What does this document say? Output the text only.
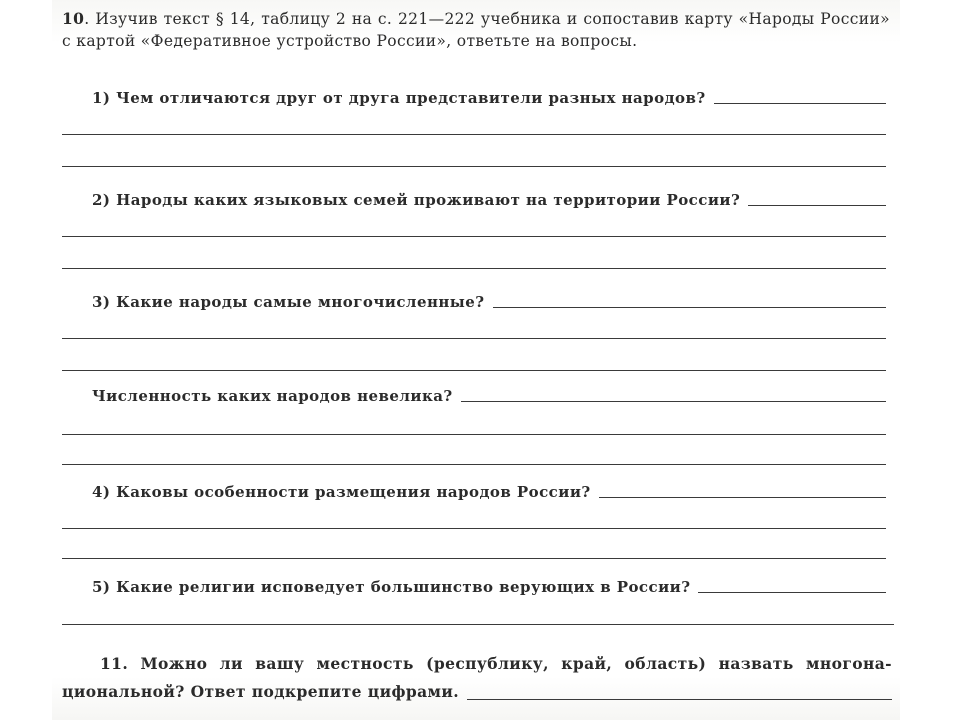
10. Изучив текст § 14, таблицу 2 на с. 221—222 учебника и сопоставив карту «Народы России» с картой «Федеративное устройство России», ответьте на вопросы.

1) Чем отличаются друг от друга представители разных народов?
2) Народы каких языковых семей проживают на территории России?
3) Какие народы самые многочисленные?
Численность каких народов невелика?
4) Каковы особенности размещения народов России?
5) Какие религии исповедует большинство верующих в России?
11. Можно ли вашу местность (республику, край, область) назвать многона-
циональной? Ответ подкрепите цифрами.
